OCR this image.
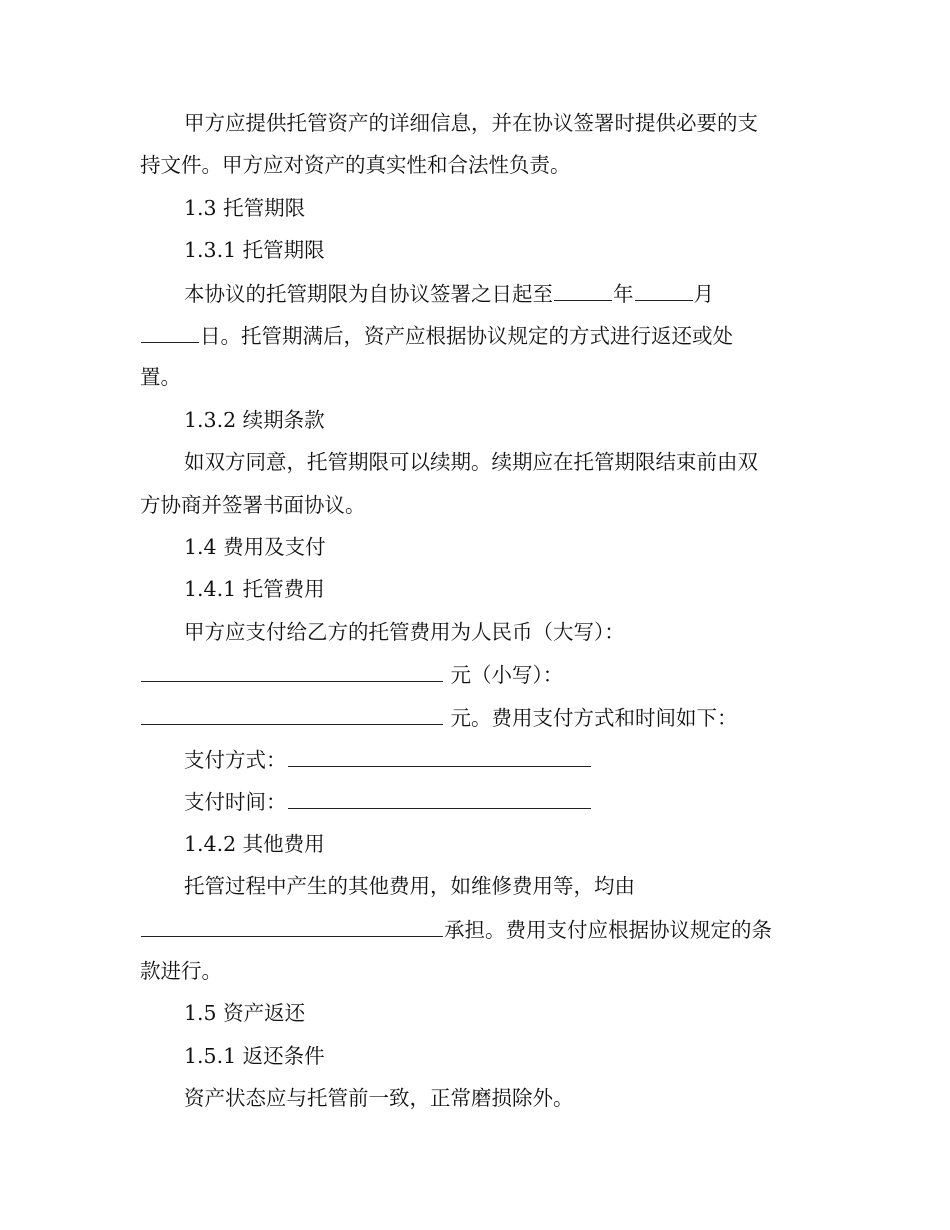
甲方应提供托管资产的详细信息，并在协议签署时提供必要的支
持文件。甲方应对资产的真实性和合法性负责。
1.3 托管期限
1.3.1 托管期限
本协议的托管期限为自协议签署之日起至	年	月
日。托管期满后，资产应根据协议规定的方式进行返还或处
置。
1.3.2 续期条款
如双方同意，托管期限可以续期。续期应在托管期限结束前由双
方协商并签署书面协议。
1.4 费用及支付
1.4.1 托管费用
甲方应支付给乙方的托管费用为人民币（大写）：
元（小写）：
元。费用支付方式和时间如下：
支付方式：
支付时间：
1.4.2 其他费用
托管过程中产生的其他费用，如维修费用等，均由
承担。费用支付应根据协议规定的条
款进行。
1.5 资产返还
1.5.1 返还条件
资产状态应与托管前一致，正常磨损除外。
